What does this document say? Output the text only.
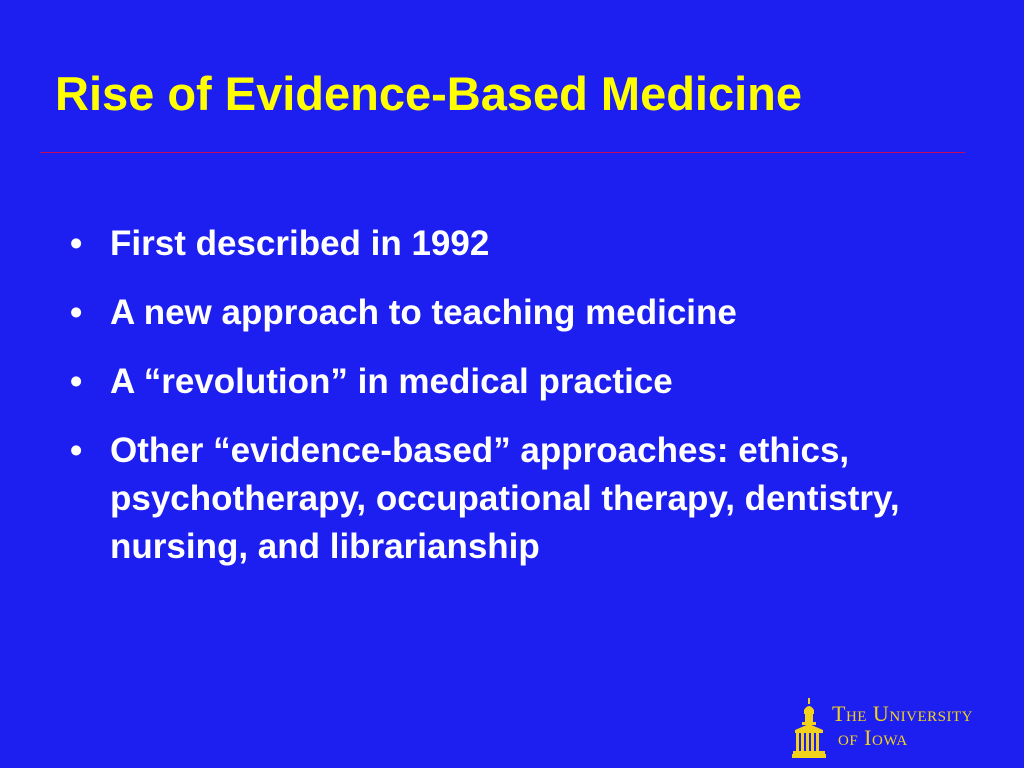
Rise of Evidence-Based Medicine
• First described in 1992
• A new approach to teaching medicine
• A “revolution” in medical practice
• Other “evidence-based” approaches: ethics, psychotherapy, occupational therapy, dentistry, nursing, and librarianship
The University
of Iowa
